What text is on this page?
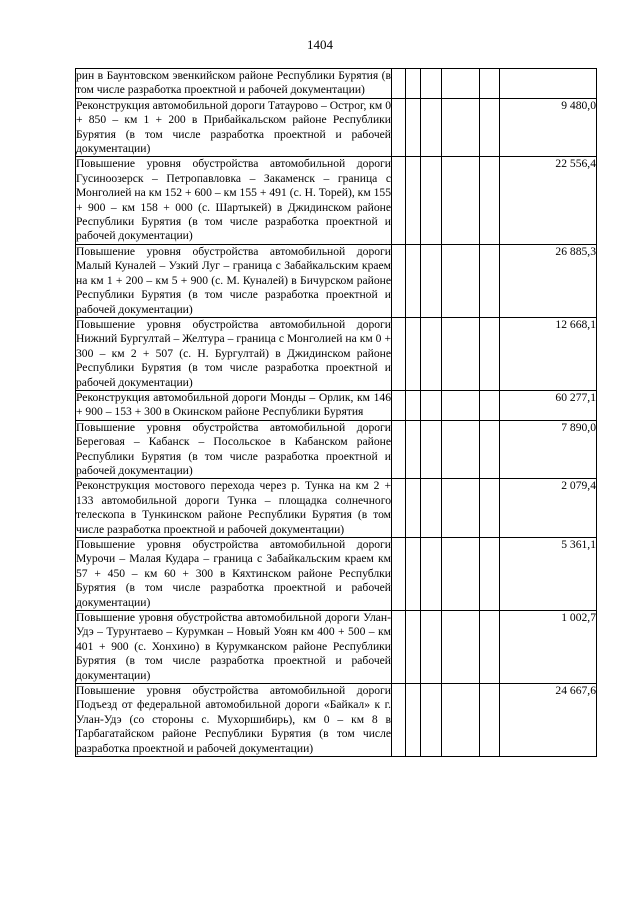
1404
рин в Баунтовском эвенкийском районе Республики Бурятия (в том числе разработка проектной и рабочей документации)						
Реконструкция автомобильной дороги Татаурово – Острог, км 0 + 850 – км 1 + 200 в Прибайкальском районе Республики Бурятия (в том числе разработка проектной и рабочей документации)						9 480,0
Повышение уровня обустройства автомобильной дороги Гусиноозерск – Петропавловка – Закаменск – граница с Монголией на км 152 + 600 – км 155 + 491 (с. Н. Торей), км 155 + 900 – км 158 + 000 (с. Шартыкей) в Джидинском районе Республики Бурятия (в том числе разработка проектной и рабочей документации)						22 556,4
Повышение уровня обустройства автомобильной дороги Малый Куналей – Узкий Луг – граница с Забайкальским краем на км 1 + 200 – км 5 + 900 (с. М. Куналей) в Бичурском районе Республики Бурятия (в том числе разработка проектной и рабочей документации)						26 885,3
Повышение уровня обустройства автомобильной дороги Нижний Бургултай – Желтура – граница с Монголией на км 0 + 300 – км 2 + 507 (с. Н. Бургултай) в Джидинском районе Республики Бурятия (в том числе разработка проектной и рабочей документации)						12 668,1
Реконструкция автомобильной дороги Монды – Орлик, км 146 + 900 – 153 + 300 в Окинском районе Республики Бурятия						60 277,1
Повышение уровня обустройства автомобильной дороги Береговая – Кабанск – Посольское в Кабанском районе Республики Бурятия (в том числе разработка проектной и рабочей документации)						7 890,0
Реконструкция мостового перехода через р. Тунка на км 2 + 133 автомобильной дороги Тунка – площадка солнечного телескопа в Тункинском районе Республики Бурятия (в том числе разработка проектной и рабочей документации)						2 079,4
Повышение уровня обустройства автомобильной дороги Мурочи – Малая Кудара – граница с Забайкальским краем км 57 + 450 – км 60 + 300 в Кяхтинском районе Республки Бурятия (в том числе разработка проектной и рабочей документации)						5 361,1
Повышение уровня обустройства автомобильной дороги Улан-Удэ – Турунтаево – Курумкан – Новый Уоян км 400 + 500 – км 401 + 900 (с. Хонхино) в Курумканском районе Республики Бурятия (в том числе разработка проектной и рабочей документации)						1 002,7
Повышение уровня обустройства автомобильной дороги Подъезд от федеральной автомобильной дороги «Байкал» к г. Улан-Удэ (со стороны с. Мухоршибирь), км 0 – км 8 в Тарбагатайском районе Республики Бурятия (в том числе разработка проектной и рабочей документации)						24 667,6
